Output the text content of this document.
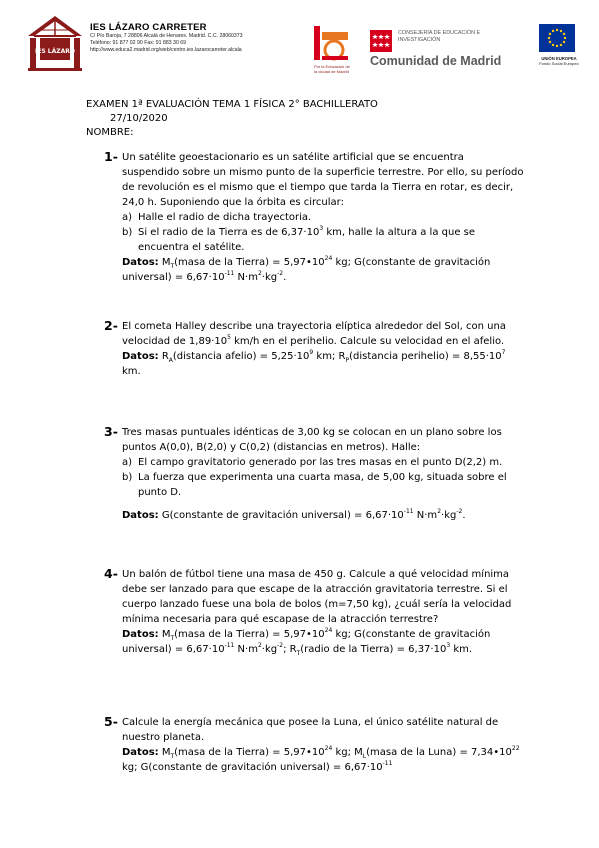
IES LÁZARO
IES LÁZARO CARRETER
C/ Pío Baroja, 7 28806 Alcalá de Henares. Madrid. C.C. 28060373
Teléfono: 91 877 02 90 Fax: 91 883 30 69
http://www.educa2.madrid.org/web/centro.ies.lazarocarreter.alcala
Por la Educación de la ciudad de Madrid
CONSEJERÍA DE EDUCACIÓN E INVESTIGACIÓN
Comunidad de Madrid	UNIÓN EUROPEA
Fondo Social Europeo
EXAMEN 1ª EVALUACIÓN TEMA 1 FÍSICA 2° BACHILLERATO
27/10/2020
NOMBRE:
1- Un satélite geoestacionario es un satélite artificial que se encuentra suspendido sobre un mismo punto de la superficie terrestre. Por ello, su período de revolución es el mismo que el tiempo que tarda la Tierra en rotar, es decir, 24,0 h. Suponiendo que la órbita es circular:

a) Halle el radio de dicha trayectoria.
b) Si el radio de la Tierra es de $6,37\cdot 10^3$ km, halle la altura a la que se encuentra el satélite.

Datos: $M_T(masa$ de la Tierra) = $5,97•10^{24}$ kg; G(constante de gravitación universal) = $6,67\cdot 10^{-11}$ $N\cdot m^2\cdot kg^{-2}$.

2- El cometa Halley describe una trayectoria elíptica alrededor del Sol, con una velocidad de $1,89\cdot 10^5$ km/h en el perihelio. Calcule su velocidad en el afelio.

Datos: $R_A(distancia$ afelio) = $5,25\cdot 10^9$ km; $R_P(distancia$ perihelio) = $8,55\cdot 10^7$ km.

3- Tres masas puntuales idénticas de 3,00 kg se colocan en un plano sobre los puntos A(0,0), B(2,0) y C(0,2) (distancias en metros). Halle:

a) El campo gravitatorio generado por las tres masas en el punto D(2,2) m.
b) La fuerza que experimenta una cuarta masa, de 5,00 kg, situada sobre el punto D.

Datos: G(constante de gravitación universal) = $6,67\cdot 10^{-11}$ $N\cdot m^2\cdot kg^{-2}$.

4- Un balón de fútbol tiene una masa de 450 g. Calcule a qué velocidad mínima debe ser lanzado para que escape de la atracción gravitatoria terrestre. Si el cuerpo lanzado fuese una bola de bolos (m=7,50 kg), ¿cuál sería la velocidad mínima necesaria para qué escapase de la atracción terrestre?

Datos: $M_T(masa$ de la Tierra) = $5,97•10^{24}$ kg; G(constante de gravitación universal) = $6,67\cdot 10^{-11}$ $N\cdot m^2\cdot kg^{-2}$; $R_T(radio$ de la Tierra) = $6,37\cdot 10^3$ km.

5- Calcule la energía mecánica que posee la Luna, el único satélite natural de nuestro planeta.

Datos: $M_T(masa$ de la Tierra) = $5,97•10^{24}$ kg; $M_L(masa$ de la Luna) = $7,34•10^{22}$ kg; G(constante de gravitación universal) = $6,67\cdot 10^{-11}$
